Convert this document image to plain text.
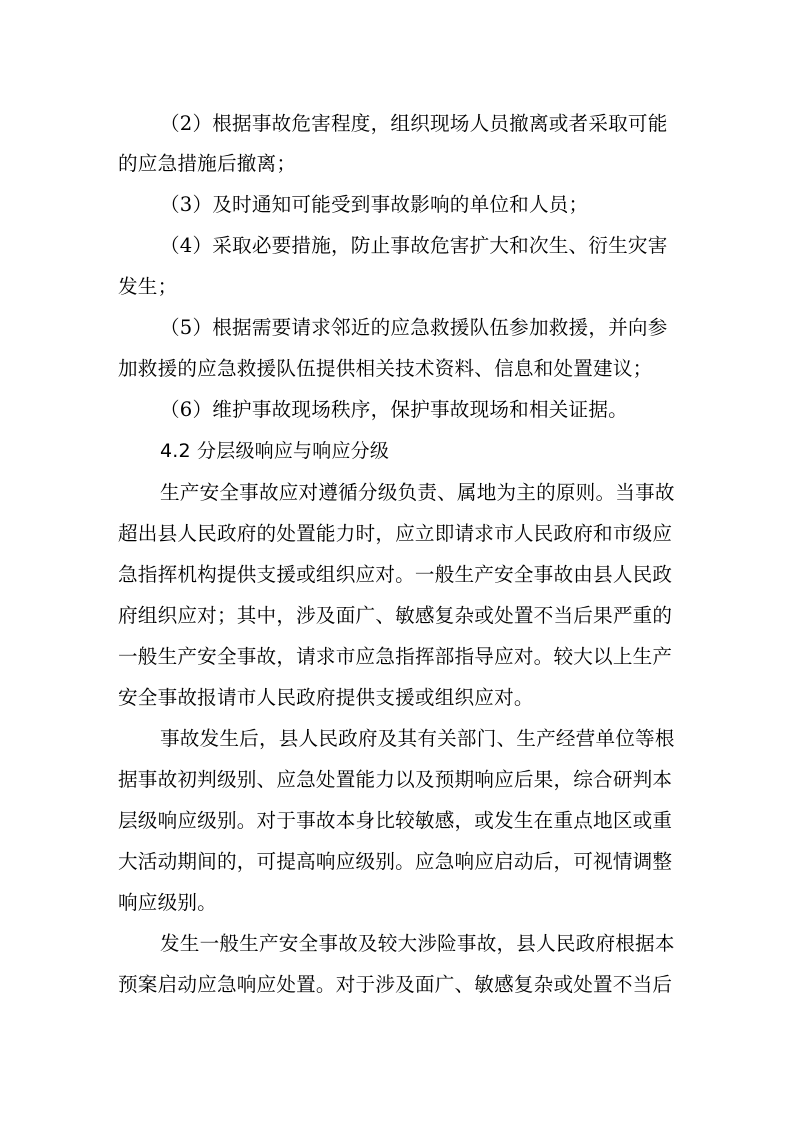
（2）根据事故危害程度，组织现场人员撤离或者采取可能
的应急措施后撤离；
（3）及时通知可能受到事故影响的单位和人员；
（4）采取必要措施，防止事故危害扩大和次生、衍生灾害
发生；
（5）根据需要请求邻近的应急救援队伍参加救援，并向参
加救援的应急救援队伍提供相关技术资料、信息和处置建议；
（6）维护事故现场秩序，保护事故现场和相关证据。
4.2 分层级响应与响应分级
生产安全事故应对遵循分级负责、属地为主的原则。当事故
超出县人民政府的处置能力时，应立即请求市人民政府和市级应
急指挥机构提供支援或组织应对。一般生产安全事故由县人民政
府组织应对；其中，涉及面广、敏感复杂或处置不当后果严重的
一般生产安全事故，请求市应急指挥部指导应对。较大以上生产
安全事故报请市人民政府提供支援或组织应对。
事故发生后，县人民政府及其有关部门、生产经营单位等根
据事故初判级别、应急处置能力以及预期响应后果，综合研判本
层级响应级别。对于事故本身比较敏感，或发生在重点地区或重
大活动期间的，可提高响应级别。应急响应启动后，可视情调整
响应级别。
发生一般生产安全事故及较大涉险事故，县人民政府根据本
预案启动应急响应处置。对于涉及面广、敏感复杂或处置不当后
